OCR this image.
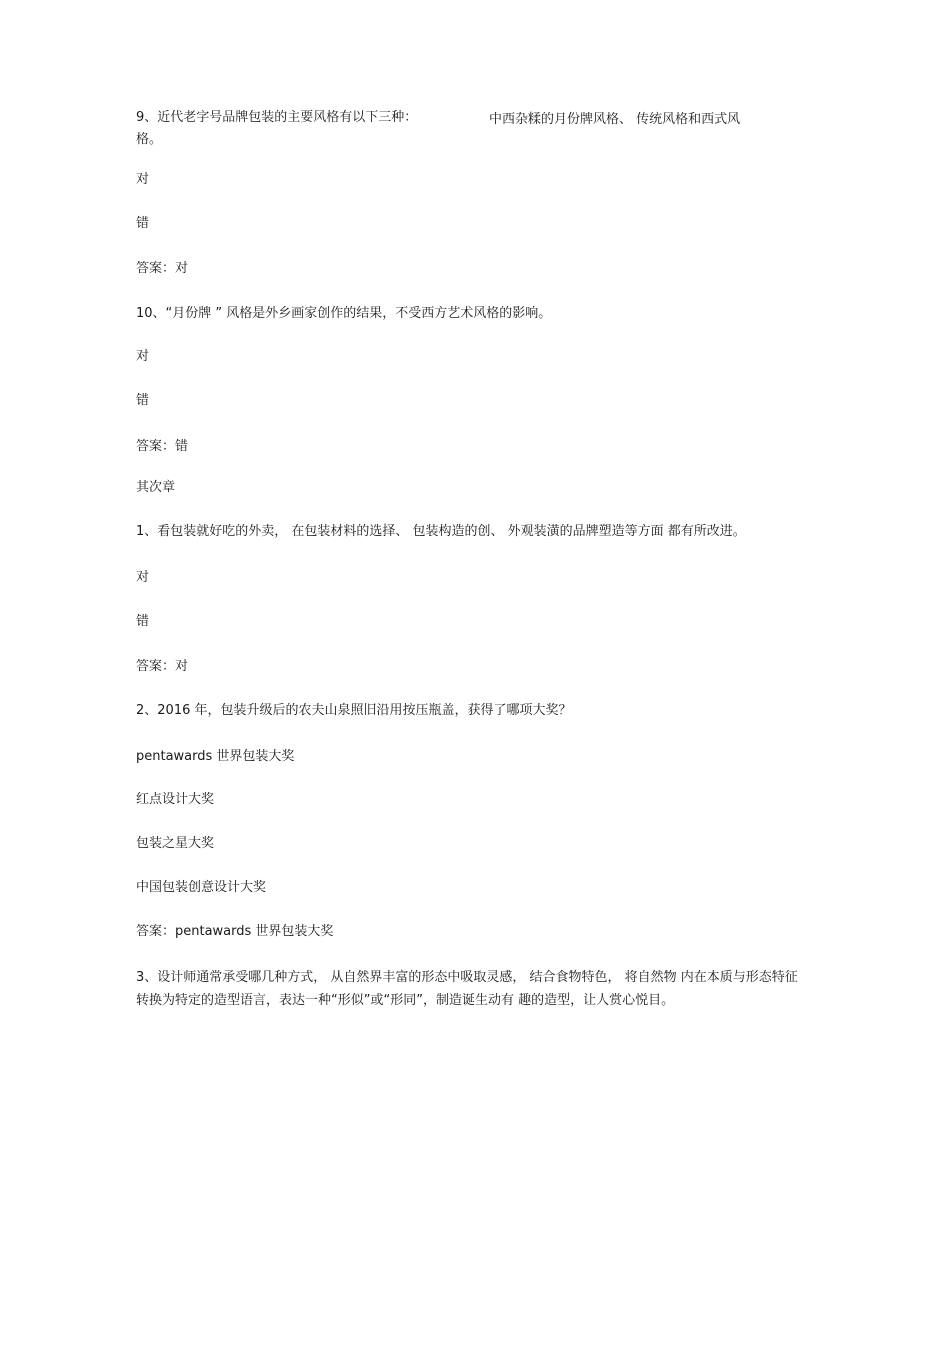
9、近代老字号品牌包装的主要风格有以下三种：	中西杂糅的月份牌风格、 传统风格和西式风
格。
对
错
答案：对
10、“月份牌 ” 风格是外乡画家创作的结果，不受西方艺术风格的影响。
对
错
答案：错
其次章
1、看包装就好吃的外卖， 在包装材料的选择、 包装构造的创、 外观装潢的品牌塑造等方面 都有所改进。
对
错
答案：对
2、2016 年，包装升级后的农夫山泉照旧沿用按压瓶盖，获得了哪项大奖？
pentawards 世界包装大奖
红点设计大奖
包装之星大奖
中国包装创意设计大奖
答案：pentawards 世界包装大奖
3、设计师通常承受哪几种方式， 从自然界丰富的形态中吸取灵感， 结合食物特色， 将自然物 内在本质与形态特征转换为特定的造型语言，表达一种“形似”或“形同”，制造诞生动有 趣的造型，让人赏心悦目。
